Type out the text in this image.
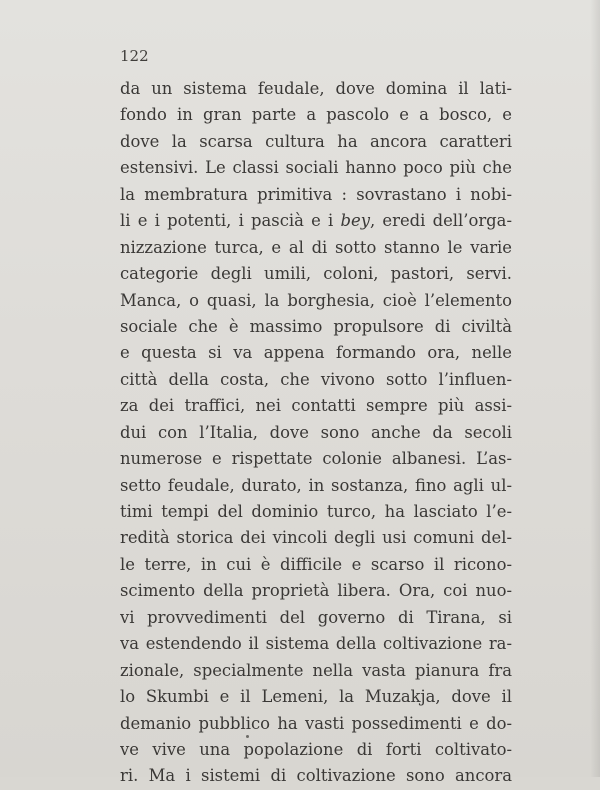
122
da un sistema feudale, dove domina il lati-
fondo in gran parte a pascolo e a bosco, e
dove la scarsa cultura ha ancora caratteri
estensivi. Le classi sociali hanno poco più che
la membratura primitiva : sovrastano i nobi-
li e i potenti, i pascià e i bey, eredi dell’orga-
nizzazione turca, e al di sotto stanno le varie
categorie degli umili, coloni, pastori, servi.
Manca, o quasi, la borghesia, cioè l’elemento
sociale che è massimo propulsore di civiltà
e questa si va appena formando ora, nelle
città della costa, che vivono sotto l’influen-
za dei traffici, nei contatti sempre più assi-
dui con l’Italia, dove sono anche da secoli
numerose e rispettate colonie albanesi. L’as-
setto feudale, durato, in sostanza, fino agli ul-
timi tempi del dominio turco, ha lasciato l’e-
redità storica dei vincoli degli usi comuni del-
le terre, in cui è difficile e scarso il ricono-
scimento della proprietà libera. Ora, coi nuo-
vi provvedimenti del governo di Tirana, si
va estendendo il sistema della coltivazione ra-
zionale, specialmente nella vasta pianura fra
lo Skumbi e il Lemeni, la Muzakja, dove il
demanio pubblico ha vasti possedimenti e do-
ve vive una popolazione di forti coltivato-
ri. Ma i sistemi di coltivazione sono ancora
